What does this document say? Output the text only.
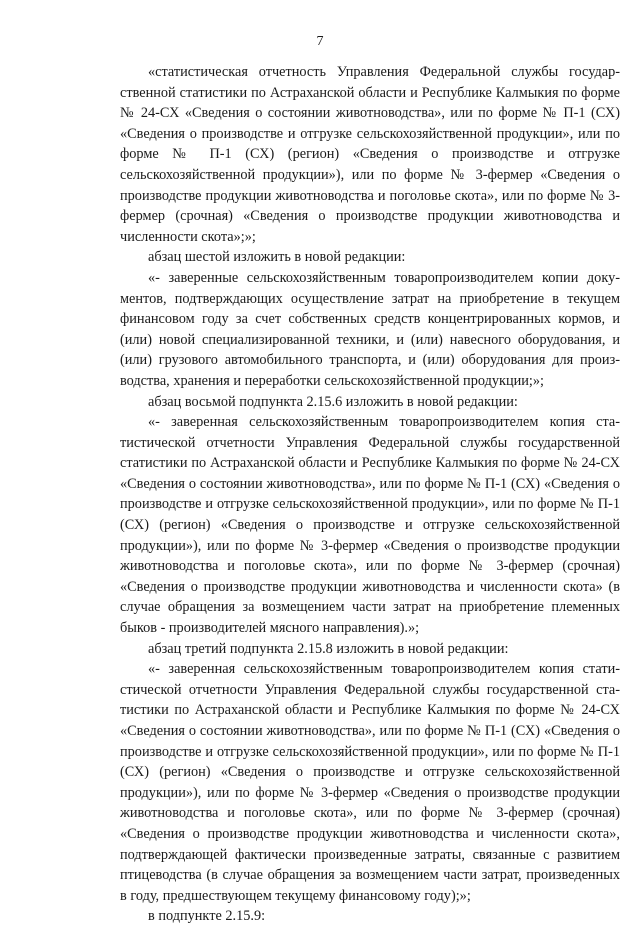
7

«статистическая отчетность Управления Федеральной службы государственной статистики по Астраханской области и Республике Калмыкия по форме № 24-СХ «Сведения о состоянии животноводства», или по форме № П-1 (СХ) «Сведения о производстве и отгрузке сельскохозяйственной продукции», или по форме № П-1 (СХ) (регион) «Сведения о производстве и отгрузке сельскохозяйственной продукции»), или по форме № 3-фермер «Сведения о производстве продукции животноводства и поголовье скота», или по форме № 3-фермер (срочная) «Сведения о производстве продукции животноводства и численности скота»;»;

абзац шестой изложить в новой редакции:

«- заверенные сельскохозяйственным товаропроизводителем копии документов, подтверждающих осуществление затрат на приобретение в текущем финансовом году за счет собственных средств концентрированных кормов, и (или) новой специализированной техники, и (или) навесного оборудования, и (или) грузового автомобильного транспорта, и (или) оборудования для производства, хранения и переработки сельскохозяйственной продукции;»;

абзац восьмой подпункта 2.15.6 изложить в новой редакции:

«- заверенная сельскохозяйственным товаропроизводителем копия статистической отчетности Управления Федеральной службы государственной статистики по Астраханской области и Республике Калмыкия по форме № 24-СХ «Сведения о состоянии животноводства», или по форме № П-1 (СХ) «Сведения о производстве и отгрузке сельскохозяйственной продукции», или по форме № П-1 (СХ) (регион) «Сведения о производстве и отгрузке сельскохозяйственной продукции»), или по форме № 3-фермер «Сведения о производстве продукции животноводства и поголовье скота», или по форме № 3-фермер (срочная) «Сведения о производстве продукции животноводства и численности скота» (в случае обращения за возмещением части затрат на приобретение племенных быков - производителей мясного направления).»;

абзац третий подпункта 2.15.8 изложить в новой редакции:

«- заверенная сельскохозяйственным товаропроизводителем копия статистической отчетности Управления Федеральной службы государственной статистики по Астраханской области и Республике Калмыкия по форме № 24-СХ «Сведения о состоянии животноводства», или по форме № П-1 (СХ) «Сведения о производстве и отгрузке сельскохозяйственной продукции», или по форме № П-1 (СХ) (регион) «Сведения о производстве и отгрузке сельскохозяйственной продукции»), или по форме № 3-фермер «Сведения о производстве продукции животноводства и поголовье скота», или по форме № 3-фермер (срочная) «Сведения о производстве продукции животноводства и численности скота», подтверждающей фактически произведенные затраты, связанные с развитием птицеводства (в случае обращения за возмещением части затрат, произведенных в году, предшествующем текущему финансовому году);»;

в подпункте 2.15.9:
